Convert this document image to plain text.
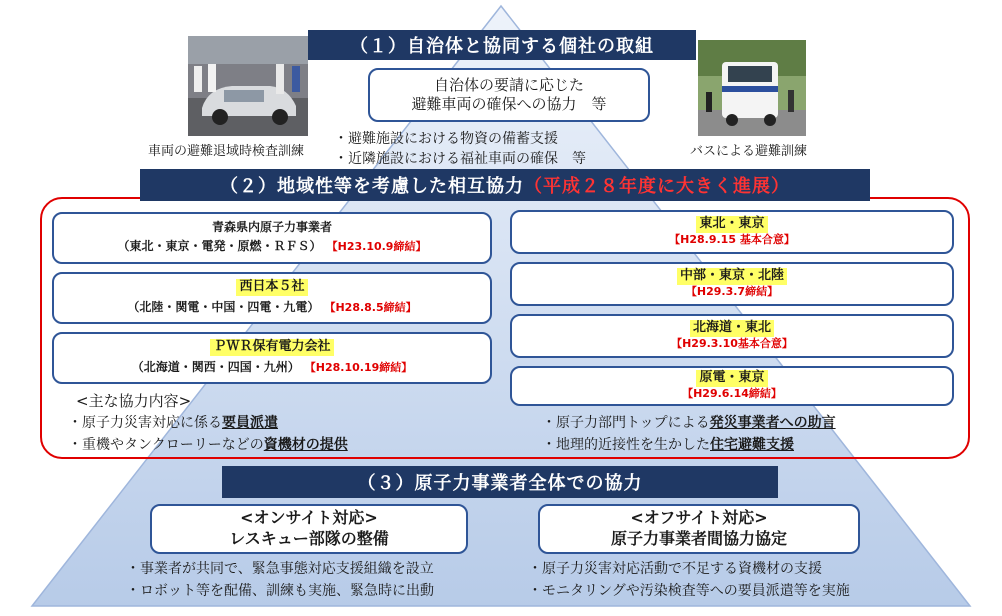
（１）自治体と協同する個社の取組
自治体の要請に応じた
避難車両の確保への協力　等
・避難施設における物資の備蓄支援
・近隣施設における福祉車両の確保　等
車両の避難退域時検査訓練	バスによる避難訓練
（２）地域性等を考慮した相互協力 （平成２８年度に大きく進展）
青森県内原子力事業者
（東北・東京・電発・原燃・ＲＦＳ） 【H23.10.9締結】
西日本５社
（北陸・関電・中国・四電・九電） 【H28.8.5締結】
ＰＷＲ保有電力会社
（北海道・関西・四国・九州） 【H28.10.19締結】
東北・東京
【H28.9.15 基本合意】
中部・東京・北陸
【H29.3.7締結】
北海道・東北
【H29.3.10基本合意】
原電・東京
【H29.6.14締結】
<主な協力内容>
・原子力災害対応に係る要員派遣
・重機やタンクローリーなどの資機材の提供
・原子力部門トップによる発災事業者への助言
・地理的近接性を生かした住宅避難支援
（３）原子力事業者全体での協力
<オンサイト対応>
レスキュー部隊の整備
<オフサイト対応>
原子力事業者間協力協定
・事業者が共同で、緊急事態対応支援組織を設立
・ロボット等を配備、訓練も実施、緊急時に出動
・原子力災害対応活動で不足する資機材の支援
・モニタリングや汚染検査等への要員派遣等を実施
